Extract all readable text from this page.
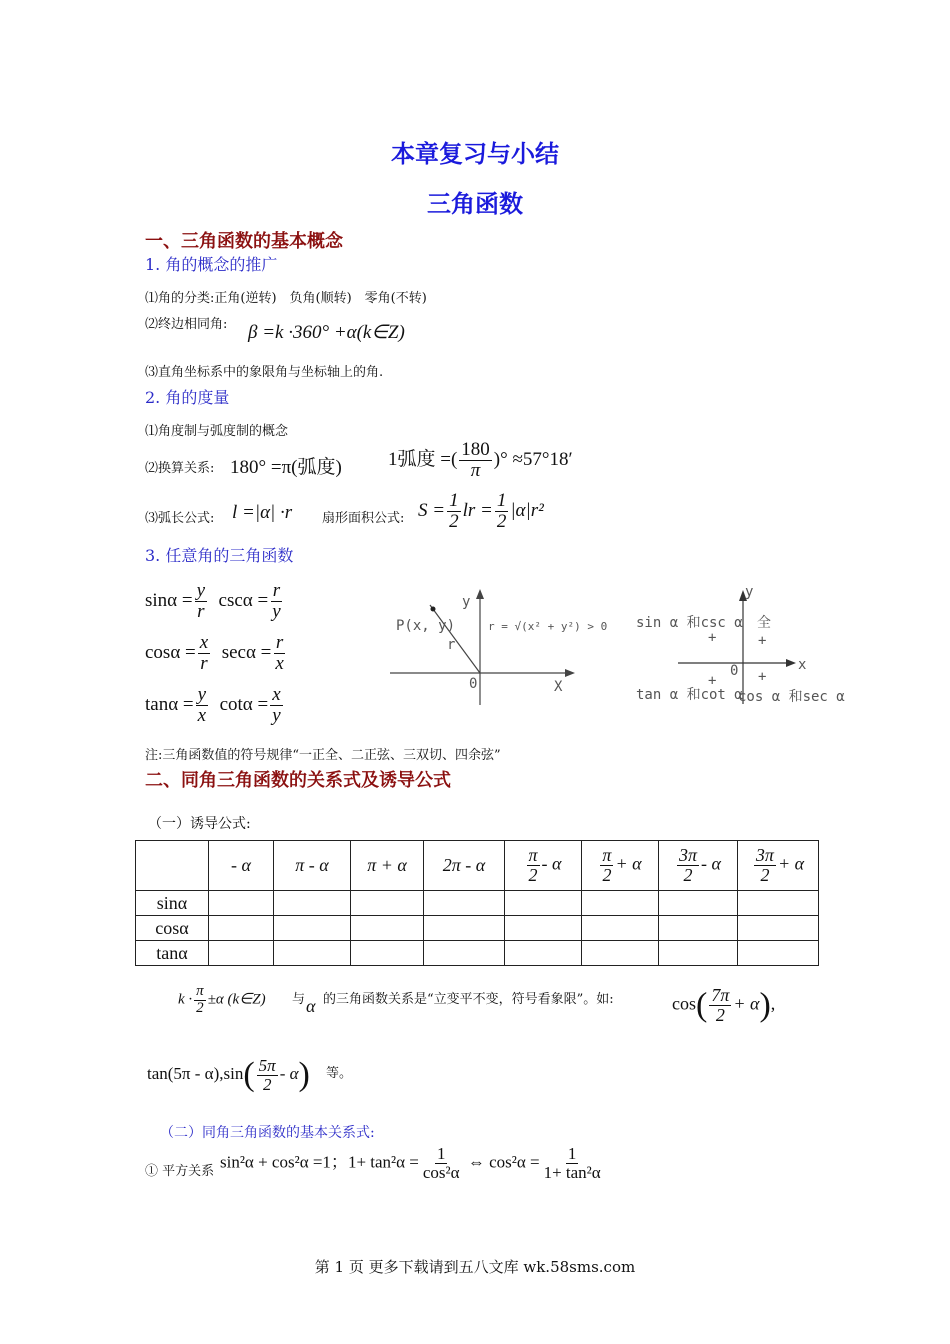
本章复习与小结
三角函数
一、三角函数的基本概念
1. 角的概念的推广
⑴角的分类:正角(逆转)　负角(顺转)　零角(不转)
⑵终边相同角: β =k ·360° +α(k∈Z)
⑶直角坐标系中的象限角与坐标轴上的角.
2. 角的度量
⑴角度制与弧度制的概念
⑵换算关系: 180° =π(弧度) 1弧度 =( $\frac{180}{\pi}$ )° ≈57°18′
⑶弧长公式: l =|α| ·r 扇形面积公式: $S = \frac{1}{2}$ lr = $\frac{1}{2} |\alpha|r^2$
3. 任意角的三角函数
$\sin\alpha = \frac{y}{r}$ $\csc\alpha = \frac{r}{y}$
$\cos\alpha = \frac{x}{r}$ $\sec\alpha = \frac{r}{x}$
$\tan\alpha = \frac{y}{x}$ $\cot\alpha = \frac{x}{y}$
P(x, y)
y
r
0	X
r = √(x² + y²) > 0
y
x
0
sin α 和csc α 全
+	+
+	+
tan α 和cot α
cos α 和sec α
注:三角函数值的符号规律“一正全、二正弦、三双切、四余弦”
二、同角三角函数的关系式及诱导公式
（一）诱导公式:
	- α	π - α	π + α	2π - α	$\frac{\pi}{2}$ - α	$\frac{\pi}{2} + \alpha$	$\frac{3\pi}{2}$ - α	$\frac{3\pi}{2} + \alpha$
sinα								
cosα								
tanα								
$k \cdot \frac{\pi}{2} \pm\alpha$ (k∈Z) 与 α 的三角函数关系是“立变平不变，符号看象限”。如:	$\cos( \frac{7\pi}{2} + \alpha)$,
$\tan(5\pi - \alpha),\sin( \frac{5\pi}{2} - \alpha)$ 等。
（二）同角三角函数的基本关系式:
① 平方关系
sin²α + cos²α =1；$1+ \tan^2\alpha = \frac{1}{\text{cos²α}}$ ⇔ $\cos^2\alpha = \frac{1}{\text{1+ tan²α}}$
第 1 页 更多下载请到五八文库 wk.58sms.com
